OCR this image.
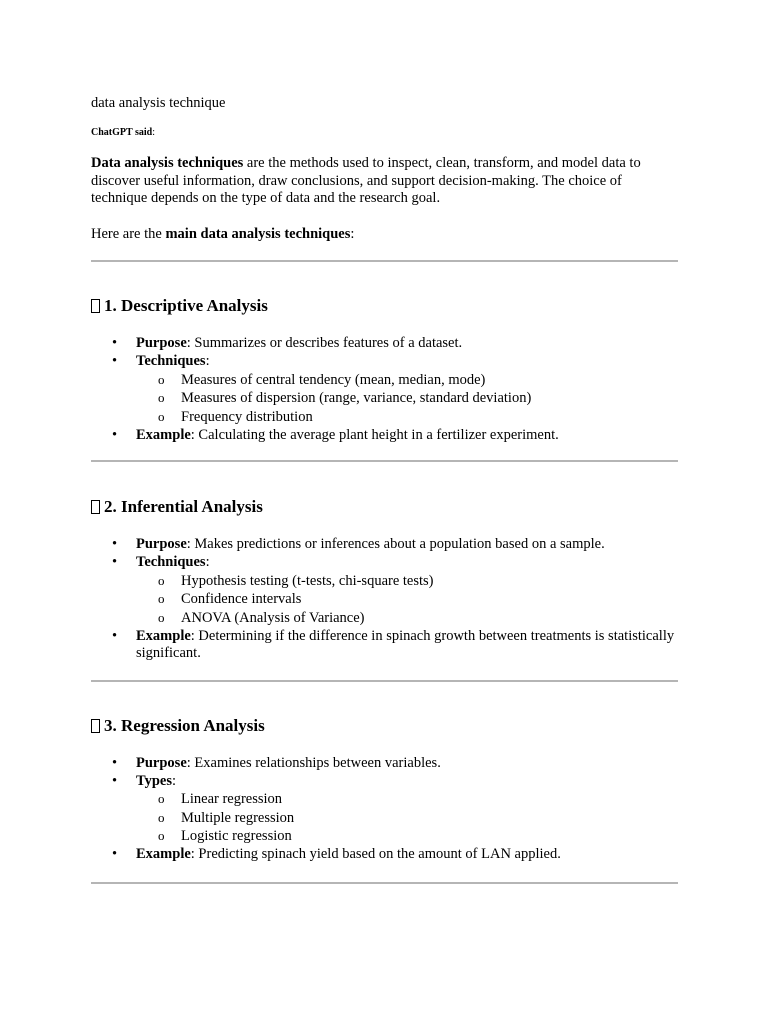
data analysis technique
ChatGPT said:

Data analysis techniques are the methods used to inspect, clean, transform, and model data to discover useful information, draw conclusions, and support decision-making. The choice of technique depends on the type of data and the research goal.

Here are the main data analysis techniques:

1. Descriptive Analysis
• Purpose: Summarizes or describes features of a dataset.
• Techniques:
o Measures of central tendency (mean, median, mode)
o Measures of dispersion (range, variance, standard deviation)
o Frequency distribution
• Example: Calculating the average plant height in a fertilizer experiment.
2. Inferential Analysis
• Purpose: Makes predictions or inferences about a population based on a sample.
• Techniques:
o Hypothesis testing (t-tests, chi-square tests)
o Confidence intervals
o ANOVA (Analysis of Variance)
• Example: Determining if the difference in spinach growth between treatments is statistically significant.
3. Regression Analysis
• Purpose: Examines relationships between variables.
• Types:
o Linear regression
o Multiple regression
o Logistic regression
• Example: Predicting spinach yield based on the amount of LAN applied.
